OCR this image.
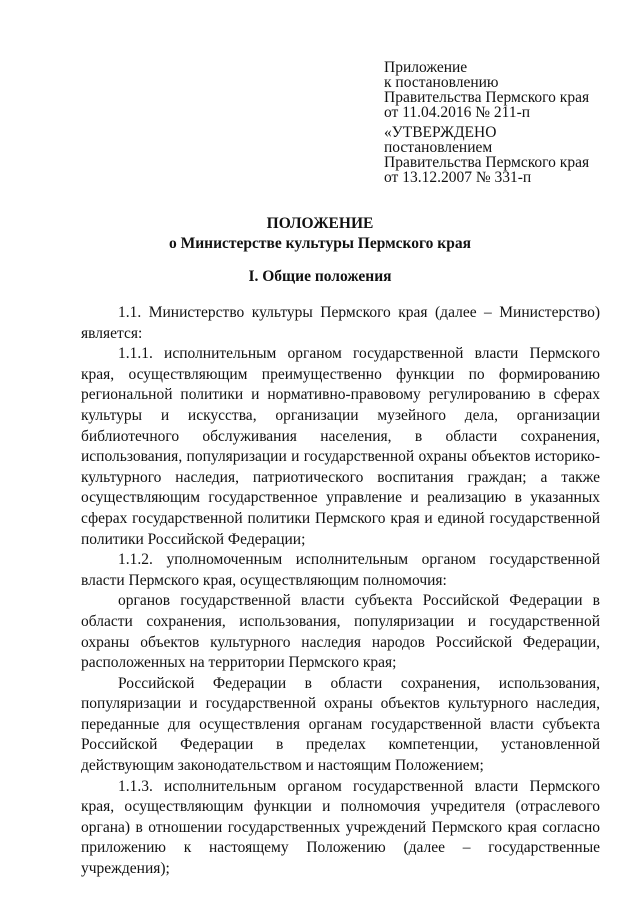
Приложение
к постановлению
Правительства Пермского края
от 11.04.2016 № 211-п
«УТВЕРЖДЕНО
постановлением
Правительства Пермского края
от 13.12.2007 № 331-п
ПОЛОЖЕНИЕ
о Министерстве культуры Пермского края
I. Общие положения

1.1. Министерство культуры Пермского края (далее – Министерство) является:

1.1.1. исполнительным органом государственной власти Пермского края, осуществляющим преимущественно функции по формированию региональной политики и нормативно-правовому регулированию в сферах культуры и искусства, организации музейного дела, организации библиотечного обслуживания населения, в области сохранения, использования, популяризации и государственной охраны объектов историко-культурного наследия, патриотического воспитания граждан; а также осуществляющим государственное управление и реализацию в указанных сферах государственной политики Пермского края и единой государственной политики Российской Федерации;

1.1.2. уполномоченным исполнительным органом государственной власти Пермского края, осуществляющим полномочия:

органов государственной власти субъекта Российской Федерации в области сохранения, использования, популяризации и государственной охраны объектов культурного наследия народов Российской Федерации, расположенных на территории Пермского края;

Российской Федерации в области сохранения, использования, популяризации и государственной охраны объектов культурного наследия, переданные для осуществления органам государственной власти субъекта Российской Федерации в пределах компетенции, установленной действующим законодательством и настоящим Положением;

1.1.3. исполнительным органом государственной власти Пермского края, осуществляющим функции и полномочия учредителя (отраслевого органа) в отношении государственных учреждений Пермского края согласно приложению к настоящему Положению (далее – государственные учреждения);
